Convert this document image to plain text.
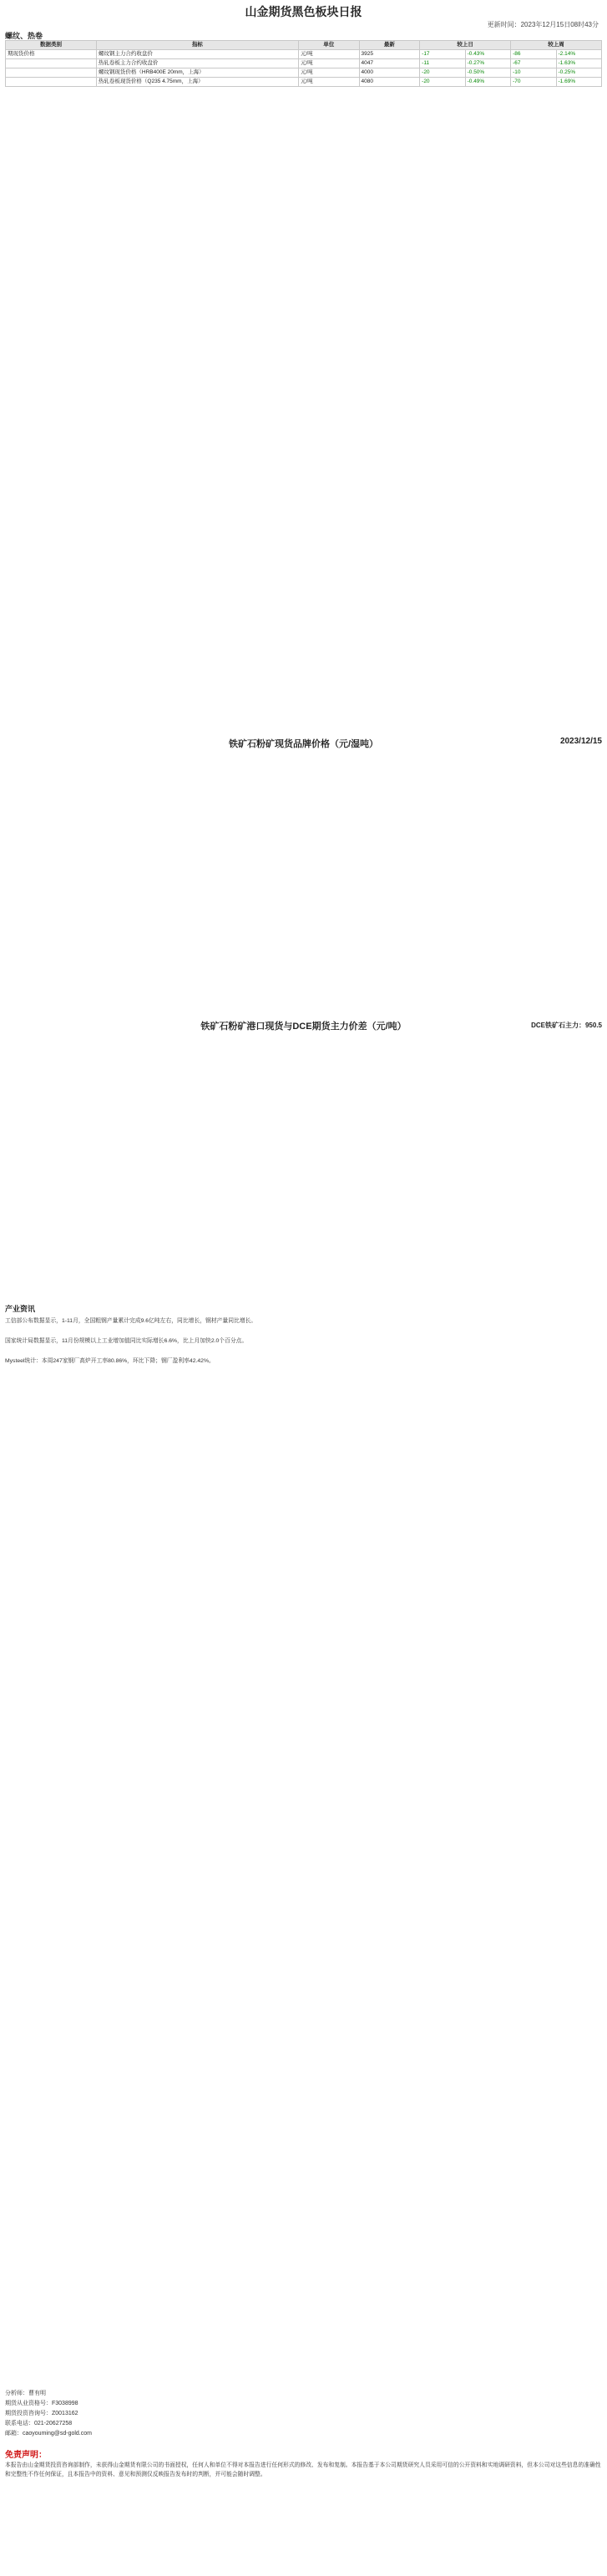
山金期货黑色板块日报
更新时间：2023年12月15日08时43分
螺纹、热卷
数据类别	指标	单位	最新	较上日		较上周	
期现货价格	螺纹钢主力合约收盘价	元/吨	3925	-17	-0.43%	-86	-2.14%
	热轧卷板主力合约收盘价	元/吨	4047	-11	-0.27%	-67	-1.63%
	螺纹钢现货价格（HRB400E 20mm，上海）	元/吨	4000	-20	-0.50%	-10	-0.25%
	热轧卷板现货价格（Q235 4.75mm，上海）	元/吨	4080	-20	-0.49%	-70	-1.69%
铁矿石粉矿现货品牌价格（元/湿吨）	2023/12/15
铁矿石粉矿港口现货与DCE期货主力价差（元/吨）	DCE铁矿石主力：950.5
产业资讯
工信部公布数据显示，1-11月，全国粗钢产量累计完成9.6亿吨左右，同比增长，钢材产量同比增长。
国家统计局数据显示，11月份规模以上工业增加值同比实际增长6.6%，比上月加快2.0个百分点。
Mysteel统计：本周247家钢厂高炉开工率80.86%，环比下降；钢厂盈利率42.42%。
分析师：曹有明
期货从业资格号：F3038998
期货投资咨询号：Z0013162
联系电话：021-20627258
邮箱：caoyouming@sd-gold.com
免责声明：
本报告由山金期货投资咨询部制作，未获得山金期货有限公司的书面授权，任何人和单位不得对本报告进行任何形式的修改、发布和复制。本报告基于本公司期货研究人员采用可信的公开资料和实地调研资料，但本公司对这些信息的准确性和完整性不作任何保证，且本报告中的资料、意见和预测仅反映报告发布时的判断，并可能会随时调整。
